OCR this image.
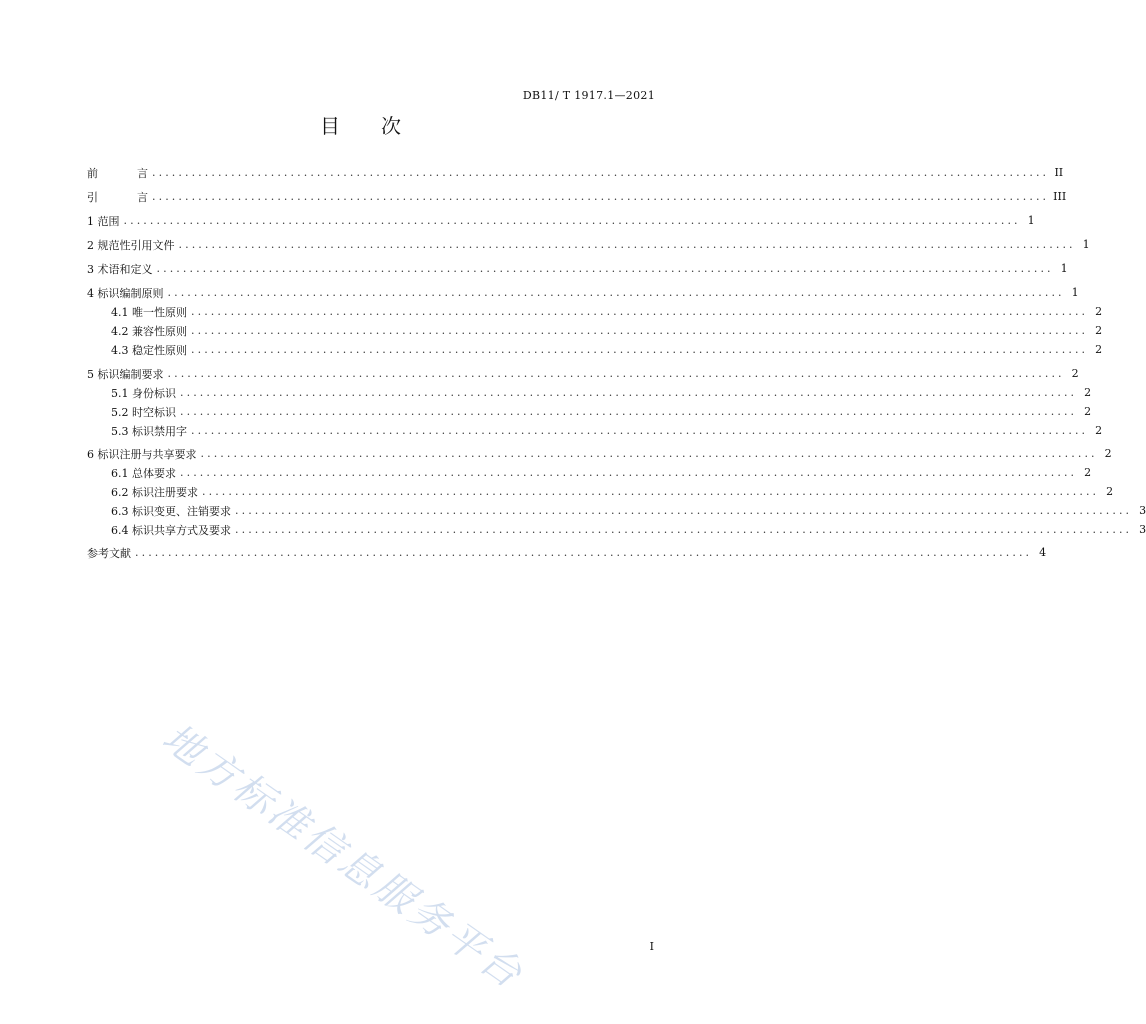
DB11/ T 1917.1—2021
目 次
前	言 ........................................................................................................................................ II
引	言 ........................................................................................................................................ III
1 范围 ........................................................................................................................................ 1
2 规范性引用文件 ........................................................................................................................................ 1
3 术语和定义 ........................................................................................................................................ 1
4 标识编制原则 ........................................................................................................................................ 1
4.1 唯一性原则 ........................................................................................................................................ 2
4.2 兼容性原则 ........................................................................................................................................ 2
4.3 稳定性原则 ........................................................................................................................................ 2
5 标识编制要求 ........................................................................................................................................ 2
5.1 身份标识 ........................................................................................................................................ 2
5.2 时空标识 ........................................................................................................................................ 2
5.3 标识禁用字 ........................................................................................................................................ 2
6 标识注册与共享要求 ........................................................................................................................................ 2
6.1 总体要求 ........................................................................................................................................ 2
6.2 标识注册要求 ........................................................................................................................................ 2
6.3 标识变更、注销要求 ........................................................................................................................................ 3
6.4 标识共享方式及要求 ........................................................................................................................................ 3
参考文献 ........................................................................................................................................ 4
地方标准信息服务平台	I
